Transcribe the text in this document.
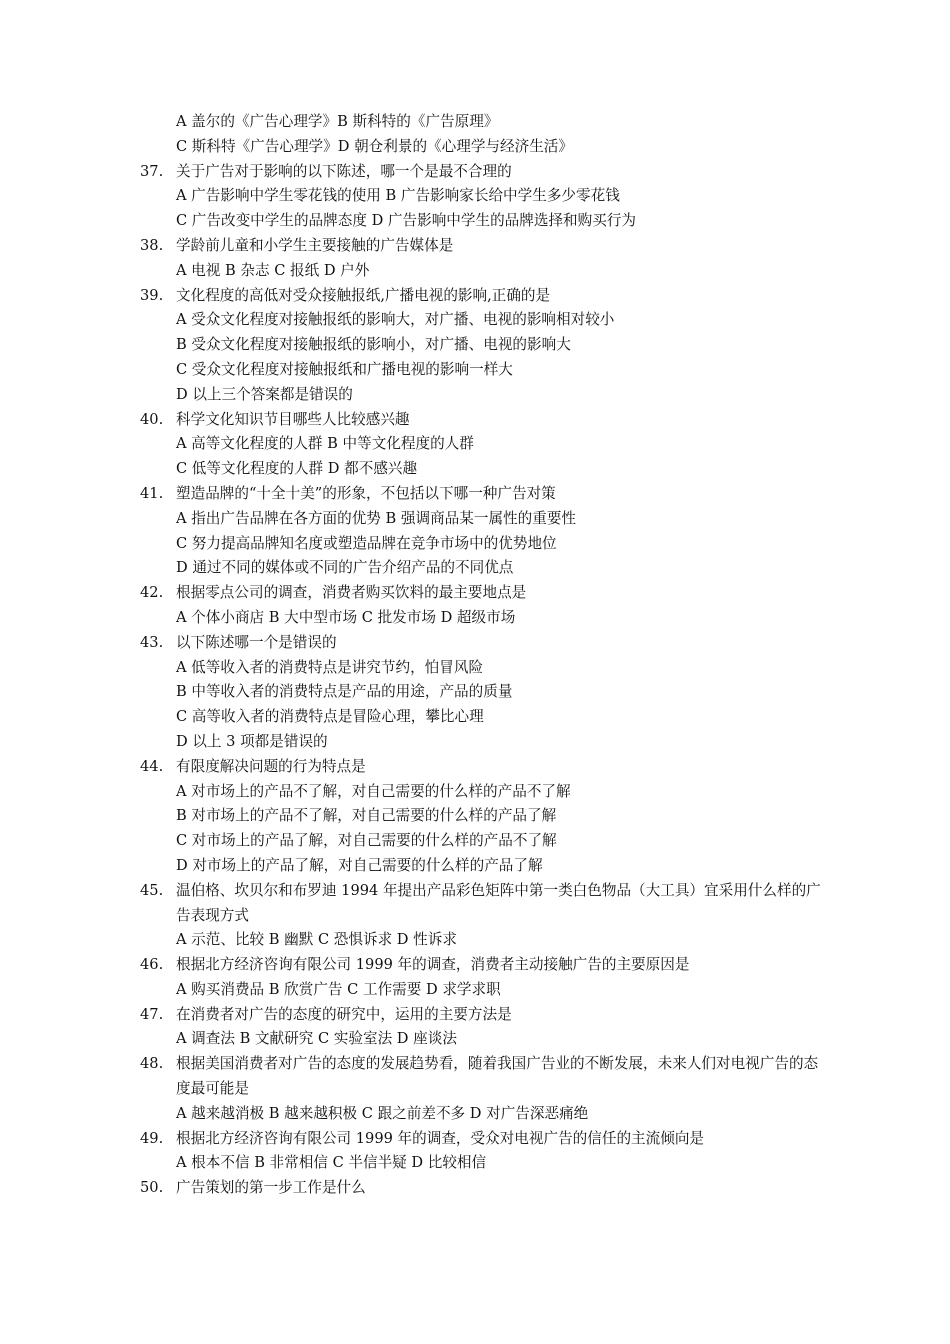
A 盖尔的《广告心理学》B 斯科特的《广告原理》
C 斯科特《广告心理学》D 朝仓利景的《心理学与经济生活》
37. 关于广告对于影响的以下陈述，哪一个是最不合理的
A 广告影响中学生零花钱的使用 B 广告影响家长给中学生多少零花钱
C 广告改变中学生的品牌态度 D 广告影响中学生的品牌选择和购买行为
38. 学龄前儿童和小学生主要接触的广告媒体是
A 电视 B 杂志 C 报纸 D 户外
39. 文化程度的高低对受众接触报纸,广播电视的影响,正确的是
A 受众文化程度对接触报纸的影响大，对广播、电视的影响相对较小
B 受众文化程度对接触报纸的影响小，对广播、电视的影响大
C 受众文化程度对接触报纸和广播电视的影响一样大
D 以上三个答案都是错误的
40. 科学文化知识节目哪些人比较感兴趣
A 高等文化程度的人群 B 中等文化程度的人群
C 低等文化程度的人群 D 都不感兴趣
41. 塑造品牌的“十全十美”的形象，不包括以下哪一种广告对策
A 指出广告品牌在各方面的优势 B 强调商品某一属性的重要性
C 努力提高品牌知名度或塑造品牌在竞争市场中的优势地位
D 通过不同的媒体或不同的广告介绍产品的不同优点
42. 根据零点公司的调查，消费者购买饮料的最主要地点是
A 个体小商店 B 大中型市场 C 批发市场 D 超级市场
43. 以下陈述哪一个是错误的
A 低等收入者的消费特点是讲究节约，怕冒风险
B 中等收入者的消费特点是产品的用途，产品的质量
C 高等收入者的消费特点是冒险心理，攀比心理
D 以上 3 项都是错误的
44. 有限度解决问题的行为特点是
A 对市场上的产品不了解，对自己需要的什么样的产品不了解
B 对市场上的产品不了解，对自己需要的什么样的产品了解
C 对市场上的产品了解，对自己需要的什么样的产品不了解
D 对市场上的产品了解，对自己需要的什么样的产品了解
45. 温伯格、坎贝尔和布罗迪 1994 年提出产品彩色矩阵中第一类白色物品（大工具）宜采用什么样的广告表现方式
A 示范、比较 B 幽默 C 恐惧诉求 D 性诉求
46. 根据北方经济咨询有限公司 1999 年的调查，消费者主动接触广告的主要原因是
A 购买消费品 B 欣赏广告 C 工作需要 D 求学求职
47. 在消费者对广告的态度的研究中，运用的主要方法是
A 调查法 B 文献研究 C 实验室法 D 座谈法
48. 根据美国消费者对广告的态度的发展趋势看，随着我国广告业的不断发展，未来人们对电视广告的态度最可能是
A 越来越消极 B 越来越积极 C 跟之前差不多 D 对广告深恶痛绝
49. 根据北方经济咨询有限公司 1999 年的调查，受众对电视广告的信任的主流倾向是
A 根本不信 B 非常相信 C 半信半疑 D 比较相信
50. 广告策划的第一步工作是什么
